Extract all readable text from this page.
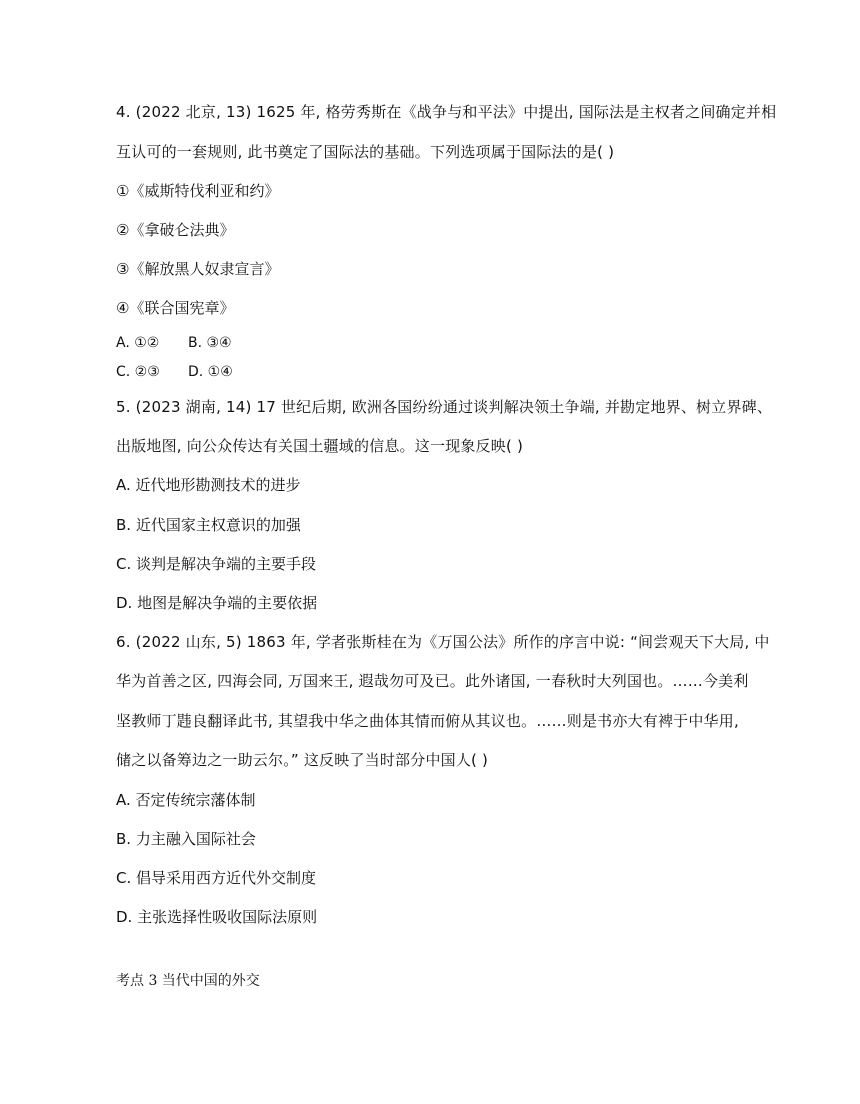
4. (2022 北京, 13) 1625 年, 格劳秀斯在《战争与和平法》中提出, 国际法是主权者之间确定并相
互认可的一套规则, 此书奠定了国际法的基础。下列选项属于国际法的是( )
①《威斯特伐利亚和约》
②《拿破仑法典》
③《解放黑人奴隶宣言》
④《联合国宪章》
A. ①② B. ③④
C. ②③ D. ①④
5. (2023 湖南, 14) 17 世纪后期, 欧洲各国纷纷通过谈判解决领土争端, 并勘定地界、树立界碑、
出版地图, 向公众传达有关国土疆域的信息。这一现象反映( )
A. 近代地形勘测技术的进步
B. 近代国家主权意识的加强
C. 谈判是解决争端的主要手段
D. 地图是解决争端的主要依据
6. (2022 山东, 5) 1863 年, 学者张斯桂在为《万国公法》所作的序言中说: “间尝观天下大局, 中
华为首善之区, 四海会同, 万国来王, 遐哉勿可及已。此外诸国, 一春秋时大列国也。……今美利
坚教师丁韪良翻译此书, 其望我中华之曲体其情而俯从其议也。……则是书亦大有裨于中华用,
储之以备筹边之一助云尔。” 这反映了当时部分中国人( )
A. 否定传统宗藩体制
B. 力主融入国际社会
C. 倡导采用西方近代外交制度
D. 主张选择性吸收国际法原则
考点 3 当代中国的外交
